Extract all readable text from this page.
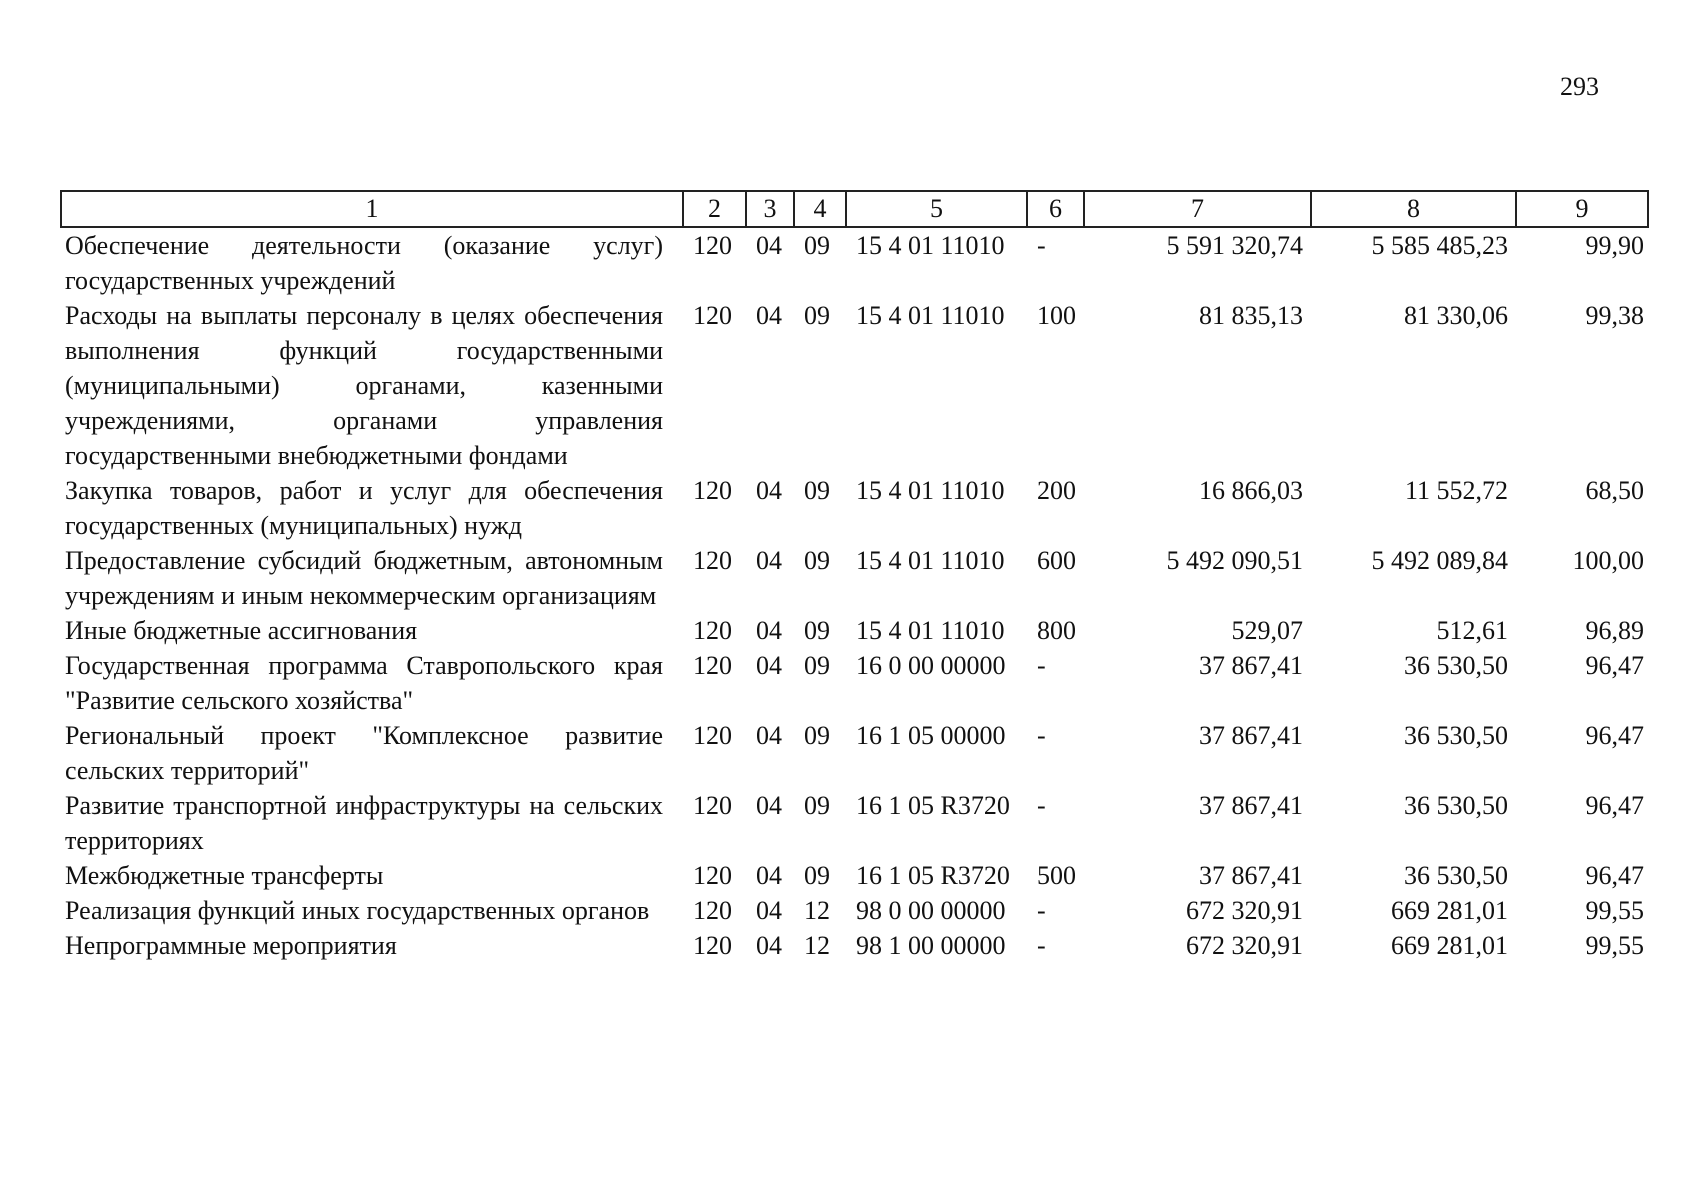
293
1	2	3	4	5	6	7	8	9
Обеспечение деятельности (оказание услуг) государственных учреждений	120	04	09	15 4 01 11010	-	5 591 320,74	5 585 485,23	99,90
Расходы на выплаты персоналу в целях обеспечения выполнения функций государственными (муниципальными) органами, казенными учреждениями, органами управления государственными внебюджетными фондами	120	04	09	15 4 01 11010	100	81 835,13	81 330,06	99,38
Закупка товаров, работ и услуг для обеспечения государственных (муниципальных) нужд	120	04	09	15 4 01 11010	200	16 866,03	11 552,72	68,50
Предоставление субсидий бюджетным, автономным учреждениям и иным некоммерческим организациям	120	04	09	15 4 01 11010	600	5 492 090,51	5 492 089,84	100,00
Иные бюджетные ассигнования	120	04	09	15 4 01 11010	800	529,07	512,61	96,89
Государственная программа Ставропольского края "Развитие сельского хозяйства"	120	04	09	16 0 00 00000	-	37 867,41	36 530,50	96,47
Региональный проект "Комплексное развитие сельских территорий"	120	04	09	16 1 05 00000	-	37 867,41	36 530,50	96,47
Развитие транспортной инфраструктуры на сельских территориях	120	04	09	16 1 05 R3720	-	37 867,41	36 530,50	96,47
Межбюджетные трансферты	120	04	09	16 1 05 R3720	500	37 867,41	36 530,50	96,47
Реализация функций иных государственных органов	120	04	12	98 0 00 00000	-	672 320,91	669 281,01	99,55
Непрограммные мероприятия	120	04	12	98 1 00 00000	-	672 320,91	669 281,01	99,55
